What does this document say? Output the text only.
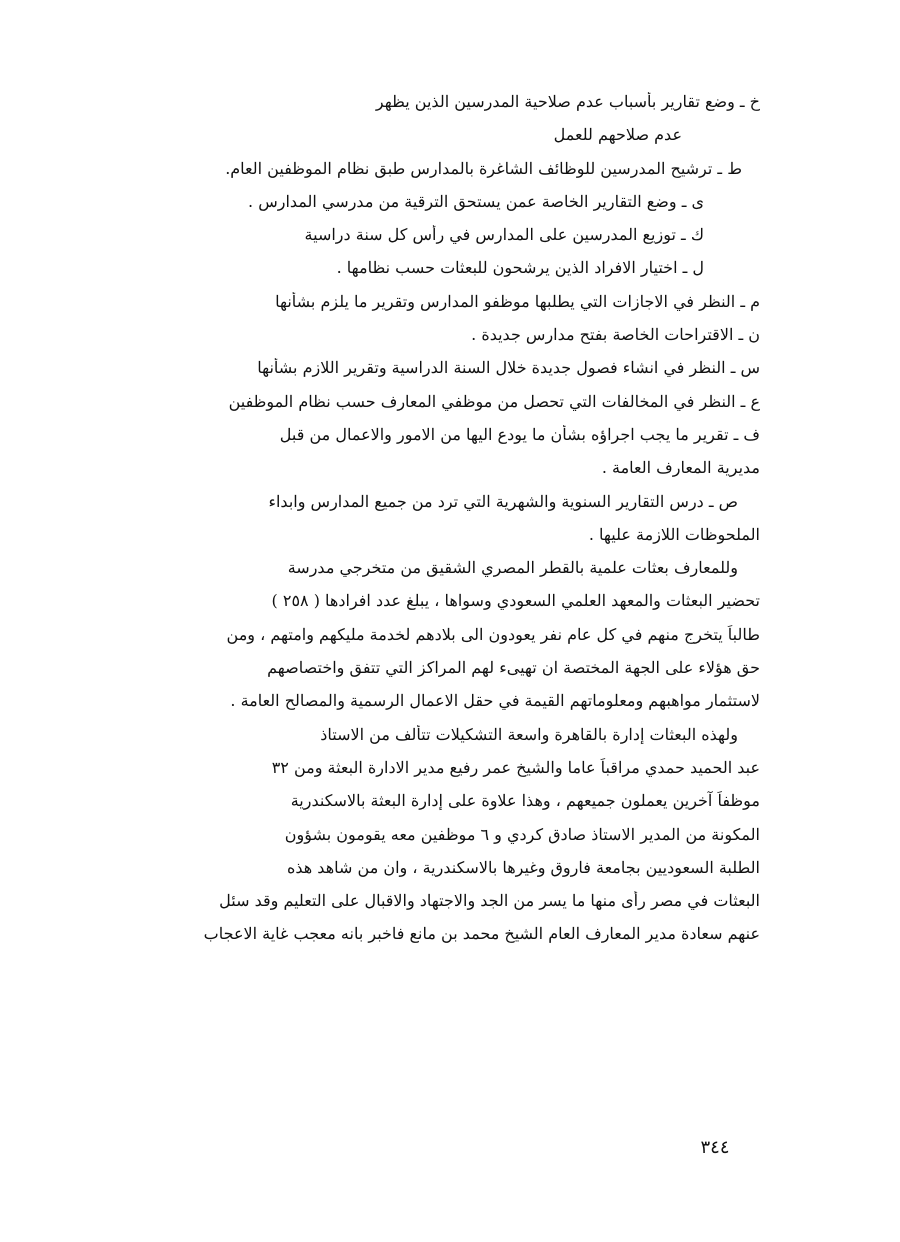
خ ـ وضع تقارير بأسباب عدم صلاحية المدرسين الذين يظهر
عدم صلاحهم للعمل
ط ـ ترشيح المدرسين للوظائف الشاغرة بالمدارس طبق نظام الموظفين العام.
ى ـ وضع التقارير الخاصة عمن يستحق الترقية من مدرسي المدارس .
ك ـ توزيع المدرسين على المدارس في رأس كل سنة دراسية
ل ـ اختيار الافراد الذين يرشحون للبعثات حسب نظامها .
م ـ النظر في الاجازات التي يطلبها موظفو المدارس وتقرير ما يلزم بشأنها
ن ـ الاقتراحات الخاصة بفتح مدارس جديدة .
س ـ النظر في انشاء فصول جديدة خلال السنة الدراسية وتقرير اللازم بشأنها
ع ـ النظر في المخالفات التي تحصل من موظفي المعارف حسب نظام الموظفين
ف ـ تقرير ما يجب اجراؤه بشأن ما يودع اليها من الامور والاعمال من قبل
مديرية المعارف العامة .
ص ـ درس التقارير السنوية والشهرية التي ترد من جميع المدارس وابداء
الملحوظات اللازمة عليها .
وللمعارف بعثات علمية بالقطر المصري الشقيق من متخرجي مدرسة
تحضير البعثات والمعهد العلمي السعودي وسواها ، يبلغ عدد افرادها ( ٢٥٨ )
طالباً يتخرج منهم في كل عام نفر يعودون الى بلادهم لخدمة مليكهم وامتهم ، ومن
حق هؤلاء على الجهة المختصة ان تهيىء لهم المراكز التي تتفق واختصاصهم
لاستثمار مواهبهم ومعلوماتهم القيمة في حقل الاعمال الرسمية والمصالح العامة .
ولهذه البعثات إدارة بالقاهرة واسعة التشكيلات تتألف من الاستاذ
عبد الحميد حمدي مراقباً عاما والشيخ عمر رفيع مدير الادارة البعثة ومن ٣٢
موظفاً آخرين يعملون جميعهم ، وهذا علاوة على إدارة البعثة بالاسكندرية
المكونة من المدير الاستاذ صادق كردي و ٦ موظفين معه يقومون بشؤون
الطلبة السعوديين بجامعة فاروق وغيرها بالاسكندرية ، وان من شاهد هذه
البعثات في مصر رأى منها ما يسر من الجد والاجتهاد والاقبال على التعليم وقد سئل
عنهم سعادة مدير المعارف العام الشيخ محمد بن مانع فاخبر بانه معجب غاية الاعجاب
٣٤٤
